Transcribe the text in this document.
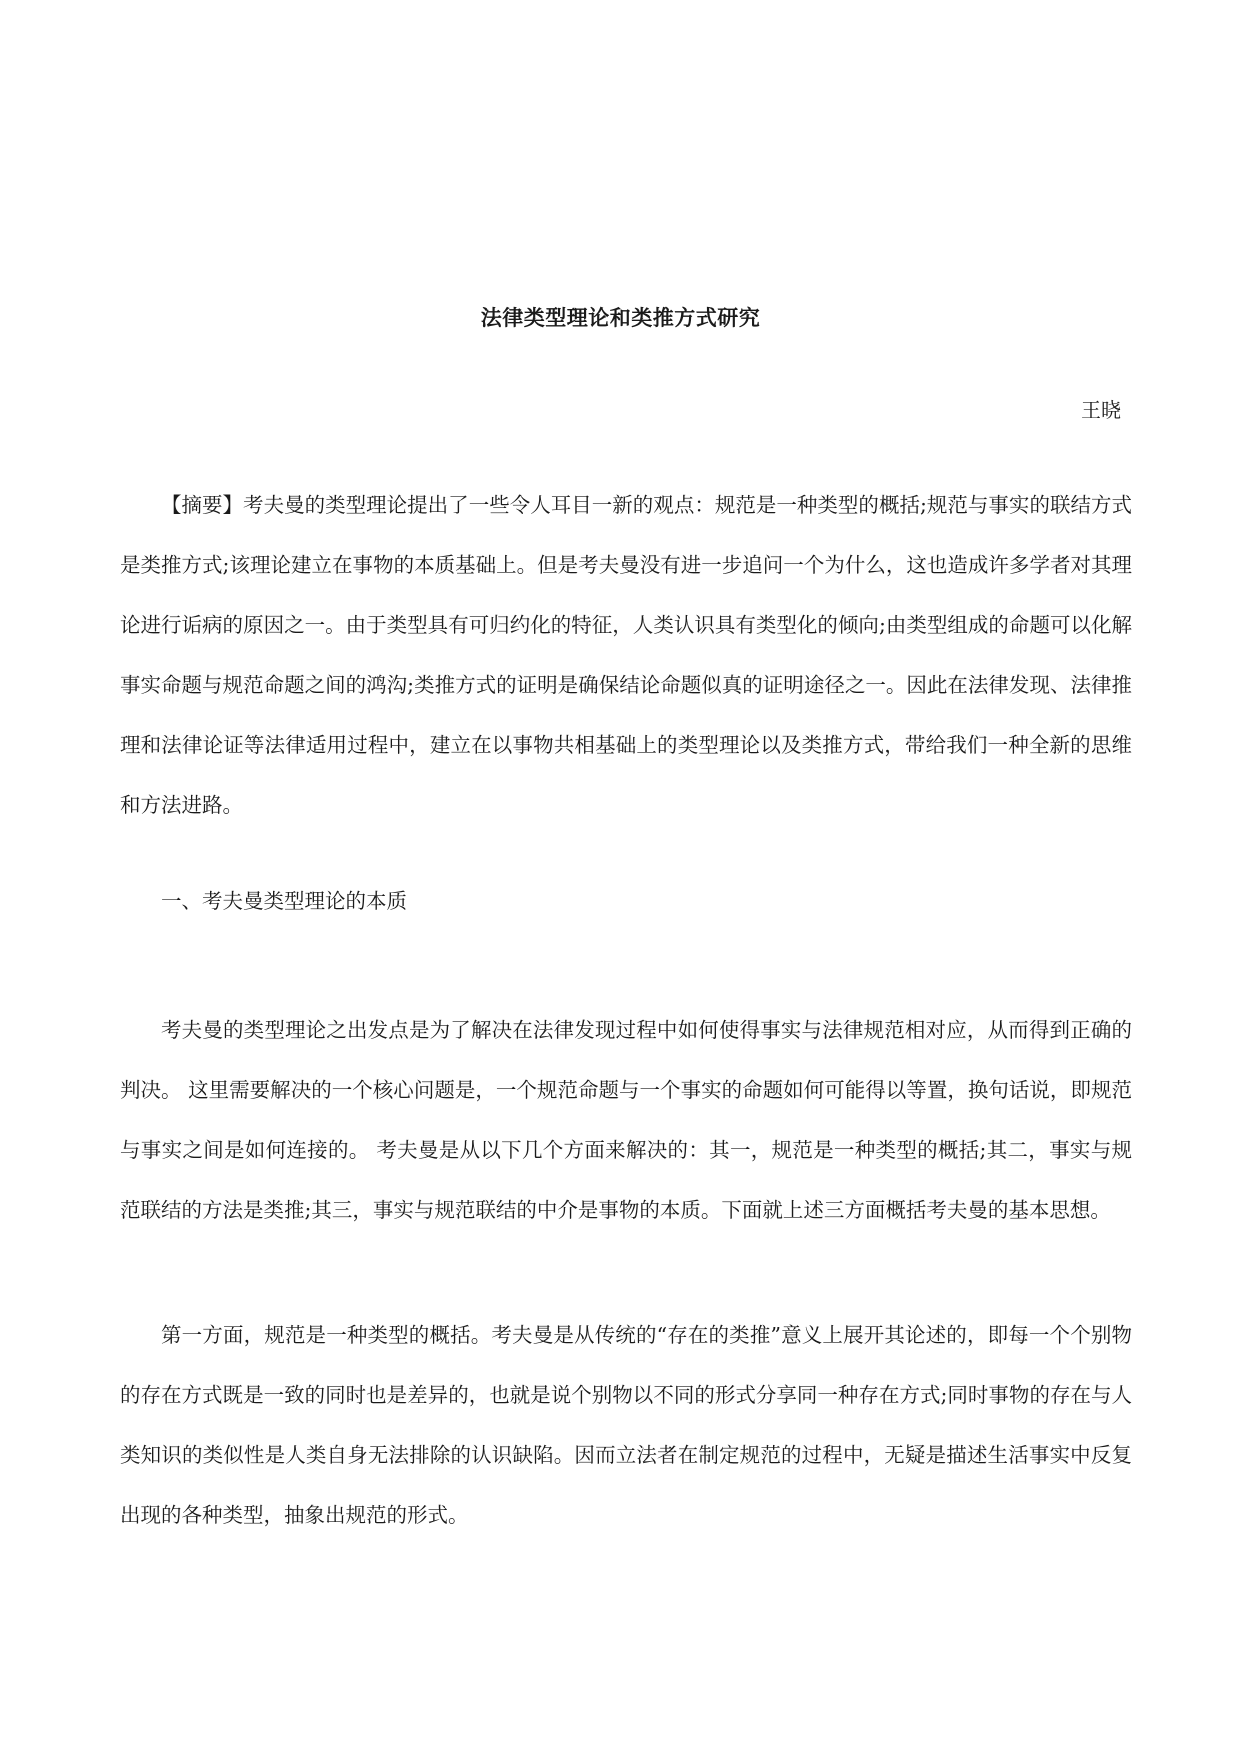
法律类型理论和类推方式研究
王晓
【摘要】考夫曼的类型理论提出了一些令人耳目一新的观点：规范是一种类型的概括;规范与事实的联结方式是类推方式;该理论建立在事物的本质基础上。但是考夫曼没有进一步追问一个为什么，这也造成许多学者对其理论进行诟病的原因之一。由于类型具有可归约化的特征，人类认识具有类型化的倾向;由类型组成的命题可以化解事实命题与规范命题之间的鸿沟;类推方式的证明是确保结论命题似真的证明途径之一。因此在法律发现、法律推理和法律论证等法律适用过程中，建立在以事物共相基础上的类型理论以及类推方式，带给我们一种全新的思维和方法进路。
一、考夫曼类型理论的本质
考夫曼的类型理论之出发点是为了解决在法律发现过程中如何使得事实与法律规范相对应，从而得到正确的判决。 这里需要解决的一个核心问题是，一个规范命题与一个事实的命题如何可能得以等置，换句话说，即规范与事实之间是如何连接的。 考夫曼是从以下几个方面来解决的：其一，规范是一种类型的概括;其二，事实与规范联结的方法是类推;其三，事实与规范联结的中介是事物的本质。下面就上述三方面概括考夫曼的基本思想。
第一方面，规范是一种类型的概括。考夫曼是从传统的“存在的类推”意义上展开其论述的，即每一个个别物的存在方式既是一致的同时也是差异的，也就是说个别物以不同的形式分享同一种存在方式;同时事物的存在与人类知识的类似性是人类自身无法排除的认识缺陷。因而立法者在制定规范的过程中，无疑是描述生活事实中反复出现的各种类型，抽象出规范的形式。
